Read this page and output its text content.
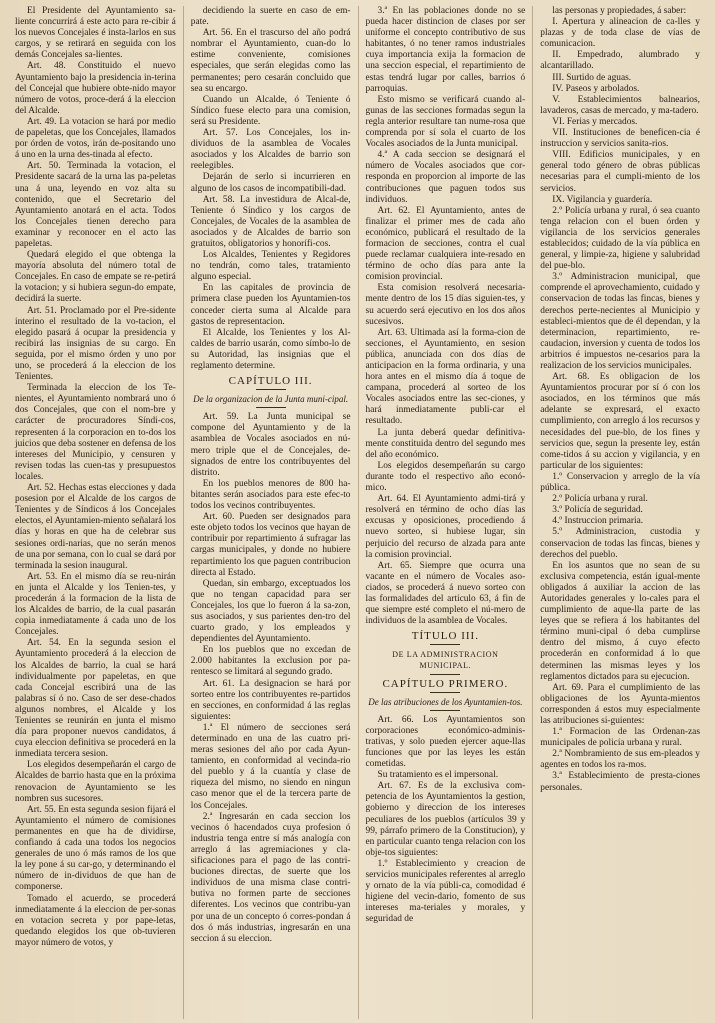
El Presidente del Ayuntamiento sa-liente concurrirá á este acto para re-cibir á los nuevos Concejales é insta-larlos en sus cargos, y se retirará en seguida con los demás Concejales sa-lientes.

Art. 48. Constituido el nuevo Ayuntamiento bajo la presidencia in-terina del Concejal que hubiere obte-nido mayor número de votos, proce-derá á la eleccion del Alcalde.

Art. 49. La votacion se hará por medio de papeletas, que los Concejales, llamados por órden de votos, irán de-positando uno á uno en la urna des-tinada al efecto.

Art. 50. Terminada la votacion, el Presidente sacará de la urna las pa-peletas una á una, leyendo en voz alta su contenido, que el Secretario del Ayuntamiento anotará en el acta. Todos los Concejales tienen derecho para examinar y reconocer en el acto las papeletas.

Quedará elegido el que obtenga la mayoría absoluta del número total de Concejales. En caso de empate se re-petirá la votacion; y si hubiera segun-do empate, decidirá la suerte.

Art. 51. Proclamado por el Pre-sidente interino el resultado de la vo-tacion, el elegido pasará á ocupar la presidencia y recibirá las insignias de su cargo. En seguida, por el mismo órden y uno por uno, se procederá á la eleccion de los Tenientes.

Terminada la eleccion de los Te-nientes, el Ayuntamiento nombrará uno ó dos Concejales, que con el nom-bre y carácter de procuradores Síndi-cos, representen á la corporacion en to-dos los juicios que deba sostener en defensa de los intereses del Municipio, y censuren y revisen todas las cuen-tas y presupuestos locales.

Art. 52. Hechas estas elecciones y dada posesion por el Alcalde de los cargos de Tenientes y de Síndicos á los Concejales electos, el Ayuntamien-miento señalará los días y horas en que ha de celebrar sus sesiones ordi-narias, que no serán menos de una por semana, con lo cual se dará por terminada la sesion inaugural.

Art. 53. En el mismo día se reu-nirán en junta el Alcalde y los Tenien-tes, y procederán á la formacion de la lista de los Alcaldes de barrio, de la cual pasarán copia inmediatamente á cada uno de los Concejales.

Art. 54. En la segunda sesion el Ayuntamiento procederá á la eleccion de los Alcaldes de barrio, la cual se hará individualmente por papeletas, en que cada Concejal escribirá una de las palabras sí ó no. Caso de ser dese-chados algunos nombres, el Alcalde y los Tenientes se reunirán en junta el mismo día para proponer nuevos candidatos, á cuya eleccion definitiva se procederá en la inmediata tercera sesion.

Los elegidos desempeñarán el cargo de Alcaldes de barrio hasta que en la próxima renovacion de Ayuntamiento se les nombren sus sucesores.

Art. 55. En esta segunda sesion fijará el Ayuntamiento el número de comisiones permanentes en que ha de dividirse, confiando á cada una todos los negocios generales de uno ó más ramos de los que la ley pone á su car-go, y determinando el número de in-dividuos de que han de componerse.

Tomado el acuerdo, se procederá inmediatamente á la eleccion de per-sonas en votacion secreta y por pape-letas, quedando elegidos los que ob-tuvieren mayor número de votos, y

decidiendo la suerte en caso de em-pate.

Art. 56. En el trascurso del año podrá nombrar el Ayuntamiento, cuan-do lo estime conveniente, comisiones especiales, que serán elegidas como las permanentes; pero cesarán concluido que sea su encargo.

Cuando un Alcalde, ó Teniente ó Síndico fuese electo para una comision, será su Presidente.

Art. 57. Los Concejales, los in-dividuos de la asamblea de Vocales asociados y los Alcaldes de barrio son reelegibles.

Dejarán de serlo si incurrieren en alguno de los casos de incompatibili-dad.

Art. 58. La investidura de Alcal-de, Teniente ó Síndico y los cargos de Concejales, de Vocales de la asamblea de asociados y de Alcaldes de barrio son gratuitos, obligatorios y honorífi-cos.

Los Alcaldes, Tenientes y Regidores no tendrán, como tales, tratamiento alguno especial.

En las capitales de provincia de primera clase pueden los Ayuntamien-tos conceder cierta suma al Alcalde para gastos de representacion.

El Alcalde, los Tenientes y los Al-caldes de barrio usarán, como símbo-lo de su Autoridad, las insignias que el reglamento determine.

CAPÍTULO III.

De la organizacion de la Junta muni-cipal.

Art. 59. La Junta municipal se compone del Ayuntamiento y de la asamblea de Vocales asociados en nú-mero triple que el de Concejales, de-signados de entre los contribuyentes del distrito.

En los pueblos menores de 800 ha-bitantes serán asociados para este efec-to todos los vecinos contribuyentes.

Art. 60. Pueden ser designados para este objeto todos los vecinos que hayan de contribuir por repartimiento á sufragar las cargas municipales, y donde no hubiere repartimiento los que paguen contribucion directa al Estado.

Quedan, sin embargo, exceptuados los que no tengan capacidad para ser Concejales, los que lo fueron á la sa-zon, sus asociados, y sus parientes den-tro del cuarto grado, y los empleados y dependientes del Ayuntamiento.

En los pueblos que no excedan de 2.000 habitantes la exclusion por pa-rentesco se limitará al segundo grado.

Art. 61. La designacion se hará por sorteo entre los contribuyentes re-partidos en secciones, en conformidad á las reglas siguientes:

1.ª El número de secciones será determinado en una de las cuatro pri-meras sesiones del año por cada Ayun-tamiento, en conformidad al vecinda-rio del pueblo y á la cuantía y clase de riqueza del mismo, no siendo en ningun caso menor que el de la tercera parte de los Concejales.

2.ª Ingresarán en cada seccion los vecinos ó hacendados cuya profesion ó industria tenga entre sí más analogía con arreglo á las agremiaciones y cla-sificaciones para el pago de las contri-buciones directas, de suerte que los individuos de una misma clase contri-butiva no formen parte de secciones diferentes. Los vecinos que contribu-yan por una de un concepto ó corres-pondan á dos ó más industrias, ingresarán en una seccion á su eleccion.

3.ª En las poblaciones donde no se pueda hacer distincion de clases por ser uniforme el concepto contributivo de sus habitantes, ó no tener ramos industriales cuya importancia exija la formacion de una seccion especial, el repartimiento de estas tendrá lugar por calles, barrios ó parroquias.

Esto mismo se verificará cuando al-gunas de las secciones formadas segun la regla anterior resultare tan nume-rosa que comprenda por sí sola el cuarto de los Vocales asociados de la Junta municipal.

4.ª A cada seccion se designará el número de Vocales asociados que cor-responda en proporcion al importe de las contribuciones que paguen todos sus individuos.

Art. 62. El Ayuntamiento, antes de finalizar el primer mes de cada año económico, publicará el resultado de la formacion de secciones, contra el cual puede reclamar cualquiera inte-resado en término de ocho días para ante la comision provincial.

Esta comision resolverá necesaria-mente dentro de los 15 días siguien-tes, y su acuerdo será ejecutivo en los dos años sucesivos.

Art. 63. Ultimada así la forma-cion de secciones, el Ayuntamiento, en sesion pública, anunciada con dos días de anticipacion en la forma ordinaria, y una hora antes en el mismo día á toque de campana, procederá al sorteo de los Vocales asociados entre las sec-ciones, y hará inmediatamente publi-car el resultado.

La junta deberá quedar definitiva-mente constituida dentro del segundo mes del año económico.

Los elegidos desempeñarán su cargo durante todo el respectivo año econó-mico.

Art. 64. El Ayuntamiento admi-tirá y resolverá en término de ocho días las excusas y oposiciones, procediendo á nuevo sorteo, si hubiese lugar, sin perjuicio del recurso de alzada para ante la comision provincial.

Art. 65. Siempre que ocurra una vacante en el número de Vocales aso-ciados, se procederá á nuevo sorteo con las formalidades del artículo 63, á fin de que siempre esté completo el nú-mero de individuos de la asamblea de Vocales.

TÍTULO III.

DE LA ADMINISTRACION MUNICIPAL.

CAPÍTULO PRIMERO.

De las atribuciones de los Ayuntamien-tos.

Art. 66. Los Ayuntamientos son corporaciones económico-adminis-trativas, y solo pueden ejercer aque-llas funciones que por las leyes les están cometidas.

Su tratamiento es el impersonal.

Art. 67. Es de la exclusiva com-petencia de los Ayuntamientos la gestion, gobierno y direccion de los intereses peculiares de los pueblos (artículos 39 y 99, párrafo primero de la Constitucion), y en particular cuanto tenga relacion con los obje-tos siguientes:

1.º Establecimiento y creacion de servicios municipales referentes al arreglo y ornato de la vía públi-ca, comodidad é higiene del vecin-dario, fomento de sus intereses ma-teriales y morales, y seguridad de

las personas y propiedades, á saber:

I. Apertura y alineacion de ca-lles y plazas y de toda clase de vías de comunicacion.

II. Empedrado, alumbrado y alcantarillado.

III. Surtido de aguas.

IV. Paseos y arbolados.

V. Establecimientos balnearios, lavaderos, casas de mercado, y ma-tadero.

VI. Ferias y mercados.

VII. Instituciones de beneficen-cia é instruccion y servicios sanita-rios.

VIII. Edificios municipales, y en general todo género de obras públicas necesarias para el cumpli-miento de los servicios.

IX. Vigilancia y guardería.

2.º Policía urbana y rural, ó sea cuanto tenga relacion con el buen órden y vigilancia de los servicios generales establecidos; cuidado de la vía pública en general, y limpie-za, higiene y salubridad del pue-blo.

3.º Administracion municipal, que comprende el aprovechamiento, cuidado y conservacion de todas las fincas, bienes y derechos perte-necientes al Municipio y estableci-mientos que de él dependan, y la determinacion, repartimiento, re-caudacion, inversion y cuenta de todos los arbitrios é impuestos ne-cesarios para la realizacion de los servicios municipales.

Art. 68. Es obligacion de los Ayuntamientos procurar por sí ó con los asociados, en los términos que más adelante se expresará, el exacto cumplimiento, con arreglo á los recursos y necesidades del pue-blo, de los fines y servicios que, segun la presente ley, están come-tidos á su accion y vigilancia, y en particular de los siguientes:

1.º Conservacion y arreglo de la vía pública.

2.º Policía urbana y rural.

3.º Policía de seguridad.

4.º Instruccion primaria.

5.º Administracion, custodia y conservacion de todas las fincas, bienes y derechos del pueblo.

En los asuntos que no sean de su exclusiva competencia, están igual-mente obligados á auxiliar la accion de las Autoridades generales y lo-cales para el cumplimiento de aque-lla parte de las leyes que se refiera á los habitantes del término muni-cipal ó deba cumplirse dentro del mismo, á cuyo efecto procederán en conformidad á lo que determinen las mismas leyes y los reglamentos dictados para su ejecucion.

Art. 69. Para el cumplimiento de las obligaciones de los Ayunta-mientos corresponden á estos muy especialmente las atribuciones si-guientes:

1.ª Formacion de las Ordenan-zas municipales de policía urbana y rural.

2.ª Nombramiento de sus em-pleados y agentes en todos los ra-mos.

3.ª Establecimiento de presta-ciones personales.
